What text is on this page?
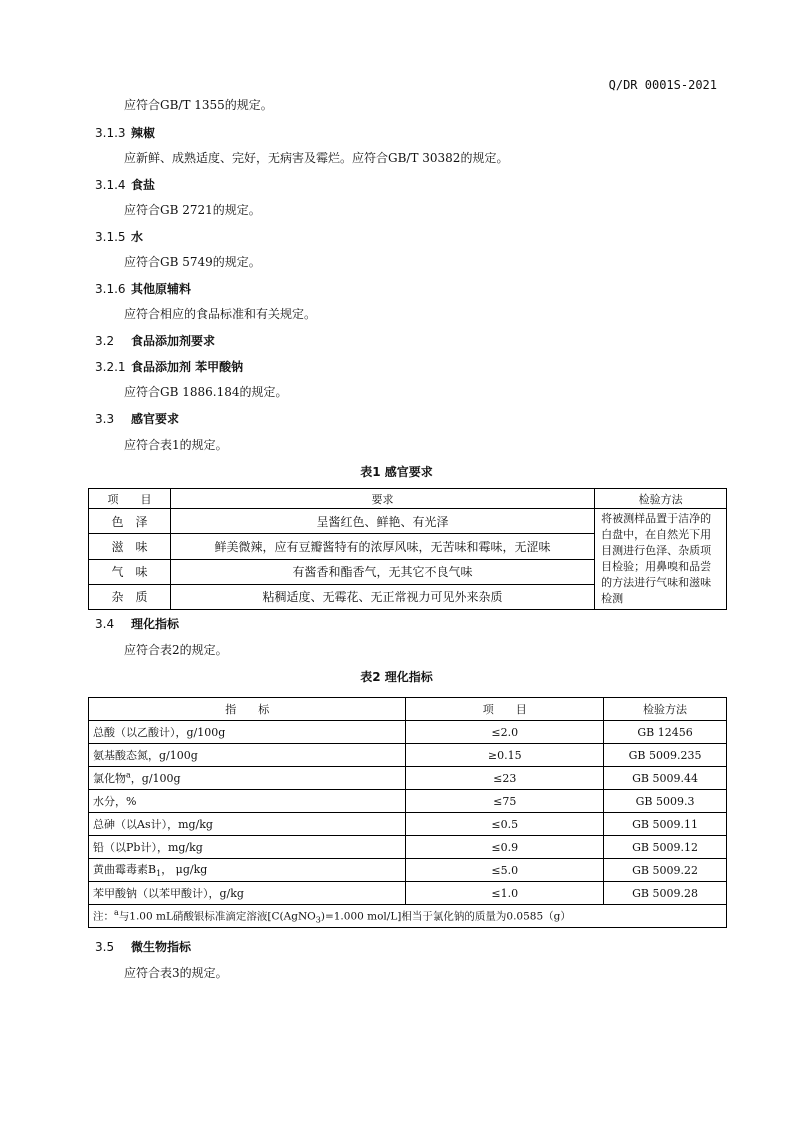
Q/DR 0001S-2021
应符合GB/T 1355的规定。
3.1.3 辣椒
应新鲜、成熟适度、完好，无病害及霉烂。应符合GB/T 30382的规定。
3.1.4 食盐
应符合GB 2721的规定。
3.1.5 水
应符合GB 5749的规定。
3.1.6 其他原辅料
应符合相应的食品标准和有关规定。
3.2 食品添加剂要求
3.2.1 食品添加剂 苯甲酸钠
应符合GB 1886.184的规定。
3.3 感官要求
应符合表1的规定。
表1 感官要求
项　　目	要求	检验方法
色　泽	呈酱红色、鲜艳、有光泽	将被测样品置于洁净的白盘中，在自然光下用目测进行色泽、杂质项目检验；用鼻嗅和品尝的方法进行气味和滋味检测
滋　味	鲜美微辣，应有豆瓣酱特有的浓厚风味，无苦味和霉味，无涩味	
气　味	有酱香和酯香气，无其它不良气味	
杂　质	粘稠适度、无霉花、无正常视力可见外来杂质	
3.4 理化指标
应符合表2的规定。
表2 理化指标
指　　标	项　　目	检验方法
总酸（以乙酸计），g/100g	≤2.0	GB 12456
氨基酸态氮，g/100g	≥0.15	GB 5009.235
氯化物$^a$，g/100g	≤23	GB 5009.44
水分，%	≤75	GB 5009.3
总砷（以As计），mg/kg	≤0.5	GB 5009.11
铅（以Pb计），mg/kg	≤0.9	GB 5009.12
黄曲霉毒素$B_1$， μg/kg	≤5.0	GB 5009.22
苯甲酸钠（以苯甲酸计），g/kg	≤1.0	GB 5009.28
注：$^a$与1.00 mL硝酸银标准滴定溶液[C(AgNO$_3$)=1.000 mol/L]相当于氯化钠的质量为0.0585（g）		
3.5 微生物指标
应符合表3的规定。
